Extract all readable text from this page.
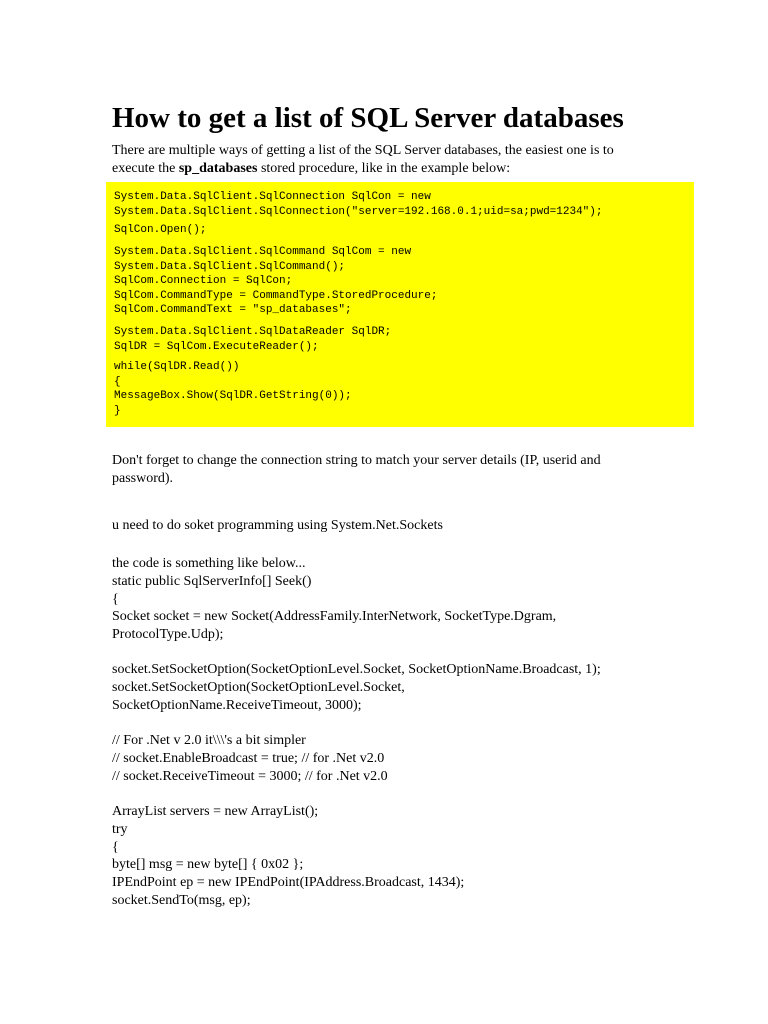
How to get a list of SQL Server databases
There are multiple ways of getting a list of the SQL Server databases, the easiest one is to
execute the sp_databases stored procedure, like in the example below:
System.Data.SqlClient.SqlConnection SqlCon = new
System.Data.SqlClient.SqlConnection("server=192.168.0.1;uid=sa;pwd=1234");
SqlCon.Open();
System.Data.SqlClient.SqlCommand SqlCom = new
System.Data.SqlClient.SqlCommand();
SqlCom.Connection = SqlCon;
SqlCom.CommandType = CommandType.StoredProcedure;
SqlCom.CommandText = "sp_databases";
System.Data.SqlClient.SqlDataReader SqlDR;
SqlDR = SqlCom.ExecuteReader();
while(SqlDR.Read())
{
MessageBox.Show(SqlDR.GetString(0));
}
Don't forget to change the connection string to match your server details (IP, userid and
password).
u need to do soket programming using System.Net.Sockets
the code is something like below...
static public SqlServerInfo[] Seek()
{
Socket socket = new Socket(AddressFamily.InterNetwork, SocketType.Dgram,
ProtocolType.Udp);
socket.SetSocketOption(SocketOptionLevel.Socket, SocketOptionName.Broadcast, 1);
socket.SetSocketOption(SocketOptionLevel.Socket,
SocketOptionName.ReceiveTimeout, 3000);
// For .Net v 2.0 it\\\'s a bit simpler
// socket.EnableBroadcast = true; // for .Net v2.0
// socket.ReceiveTimeout = 3000; // for .Net v2.0
ArrayList servers = new ArrayList();
try
{
byte[] msg = new byte[] { 0x02 };
IPEndPoint ep = new IPEndPoint(IPAddress.Broadcast, 1434);
socket.SendTo(msg, ep);
